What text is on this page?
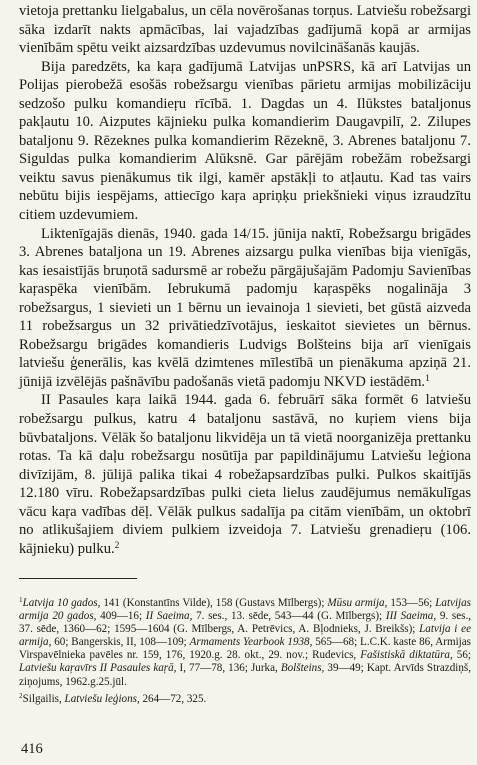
vietoja prettanku lielgabalus, un cēla novērošanas torņus. Latviešu robežsargi sāka izdarīt nakts apmācības, lai vajadzības gadījumā kopā ar armijas vienībām spētu veikt aizsardzības uzdevumus novilcināšanās kaujās.

Bija paredzēts, ka kaŗa gadījumā Latvijas unPSRS, kā arī Latvijas un Polijas pierobežā esošās robežsargu vienības pārietu armijas mobilizāciju sedzošo pulku komandieŗu rīcībā. 1. Dagdas un 4. Ilūkstes bataljonus pakļautu 10. Aizputes kājnieku pulka komandierim Daugavpilī, 2. Zilupes bataljonu 9. Rēzeknes pulka komandierim Rēzeknē, 3. Abrenes bataljonu 7. Siguldas pulka komandierim Alūksnē. Gar pārējām robežām robežsargi veiktu savus pienākumus tik ilgi, kamēr apstākļi to atļautu. Kad tas vairs nebūtu bijis iespējams, attiecīgo kaŗa apriņķu priekšnieki viņus izraudzītu citiem uzdevumiem.

Liktenīgajās dienās, 1940. gada 14/15. jūnija naktī, Robežsargu brigādes 3. Abrenes bataljona un 19. Abrenes aizsargu pulka vienības bija vienīgās, kas iesaistījās bruņotā sadursmē ar robežu pārgājušajām Padomju Savienības kaŗaspēka vienībām. Iebrukumā padomju kaŗaspēks nogalināja 3 robežsargus, 1 sievieti un 1 bērnu un ievainoja 1 sievieti, bet gūstā aizveda 11 robežsargus un 32 privātiedzīvotājus, ieskaitot sievietes un bērnus. Robežsargu brigādes komandieris Ludvigs Bolšteins bija arī vienīgais latviešu ģenerālis, kas kvēlā dzimtenes mīlestībā un pienākuma apziņā 21. jūnijā izvēlējās pašnāvību padošanās vietā padomju NKVD iestādēm.$^1$

II Pasaules kaŗa laikā 1944. gada 6. februārī sāka formēt 6 latviešu robežsargu pulkus, katru 4 bataljonu sastāvā, no kuŗiem viens bija būvbataljons. Vēlāk šo bataljonu likvidēja un tā vietā noorganizēja prettanku rotas. Ta kā daļu robežsargu nosūtīja par papildinājumu Latviešu leģiona divīzijām, 8. jūlijā palika tikai 4 robežapsardzības pulki. Pulkos skaitījās 12.180 vīru. Robežapsardzības pulki cieta lielus zaudējumus nemākulīgas vācu kaŗa vadības dēļ. Vēlāk pulkus sadalīja pa citām vienībām, un oktobrī no atlikušajiem diviem pulkiem izveidoja 7. Latviešu grenadieŗu (106. kājnieku) pulku.$^2$

$^1$Latvija 10 gados, 141 (Konstantīns Vilde), 158 (Gustavs Mīlbergs); Mūsu armija, 153—56; Latvijas armija 20 gados, 409—16; II Saeima, 7. ses., 13. sēde, 543—44 (G. Mīlbergs); III Saeima, 9. ses., 37. sēde, 1360—62; 1595—1604 (G. Mīlbergs, A. Petrēvics, A. Bļodnieks, J. Breikšs); Latvija i ee armija, 60; Bangerskis, II, 108—109; Armaments Yearbook 1938, 565—68; L.C.K. kaste 86, Armijas Virspavēlnieka pavēles nr. 159, 176, 1920.g. 28. okt., 29. nov.; Rudevics, Fašistiskā diktatūra, 56; Latviešu kaŗavīrs II Pasaules kaŗā, I, 77—78, 136; Jurka, Bolšteins, 39—49; Kapt. Arvīds Strazdiņš, ziņojums, 1962.g.25.jūl.

$^2$Silgailis, Latviešu leģions, 264—72, 325.

416
